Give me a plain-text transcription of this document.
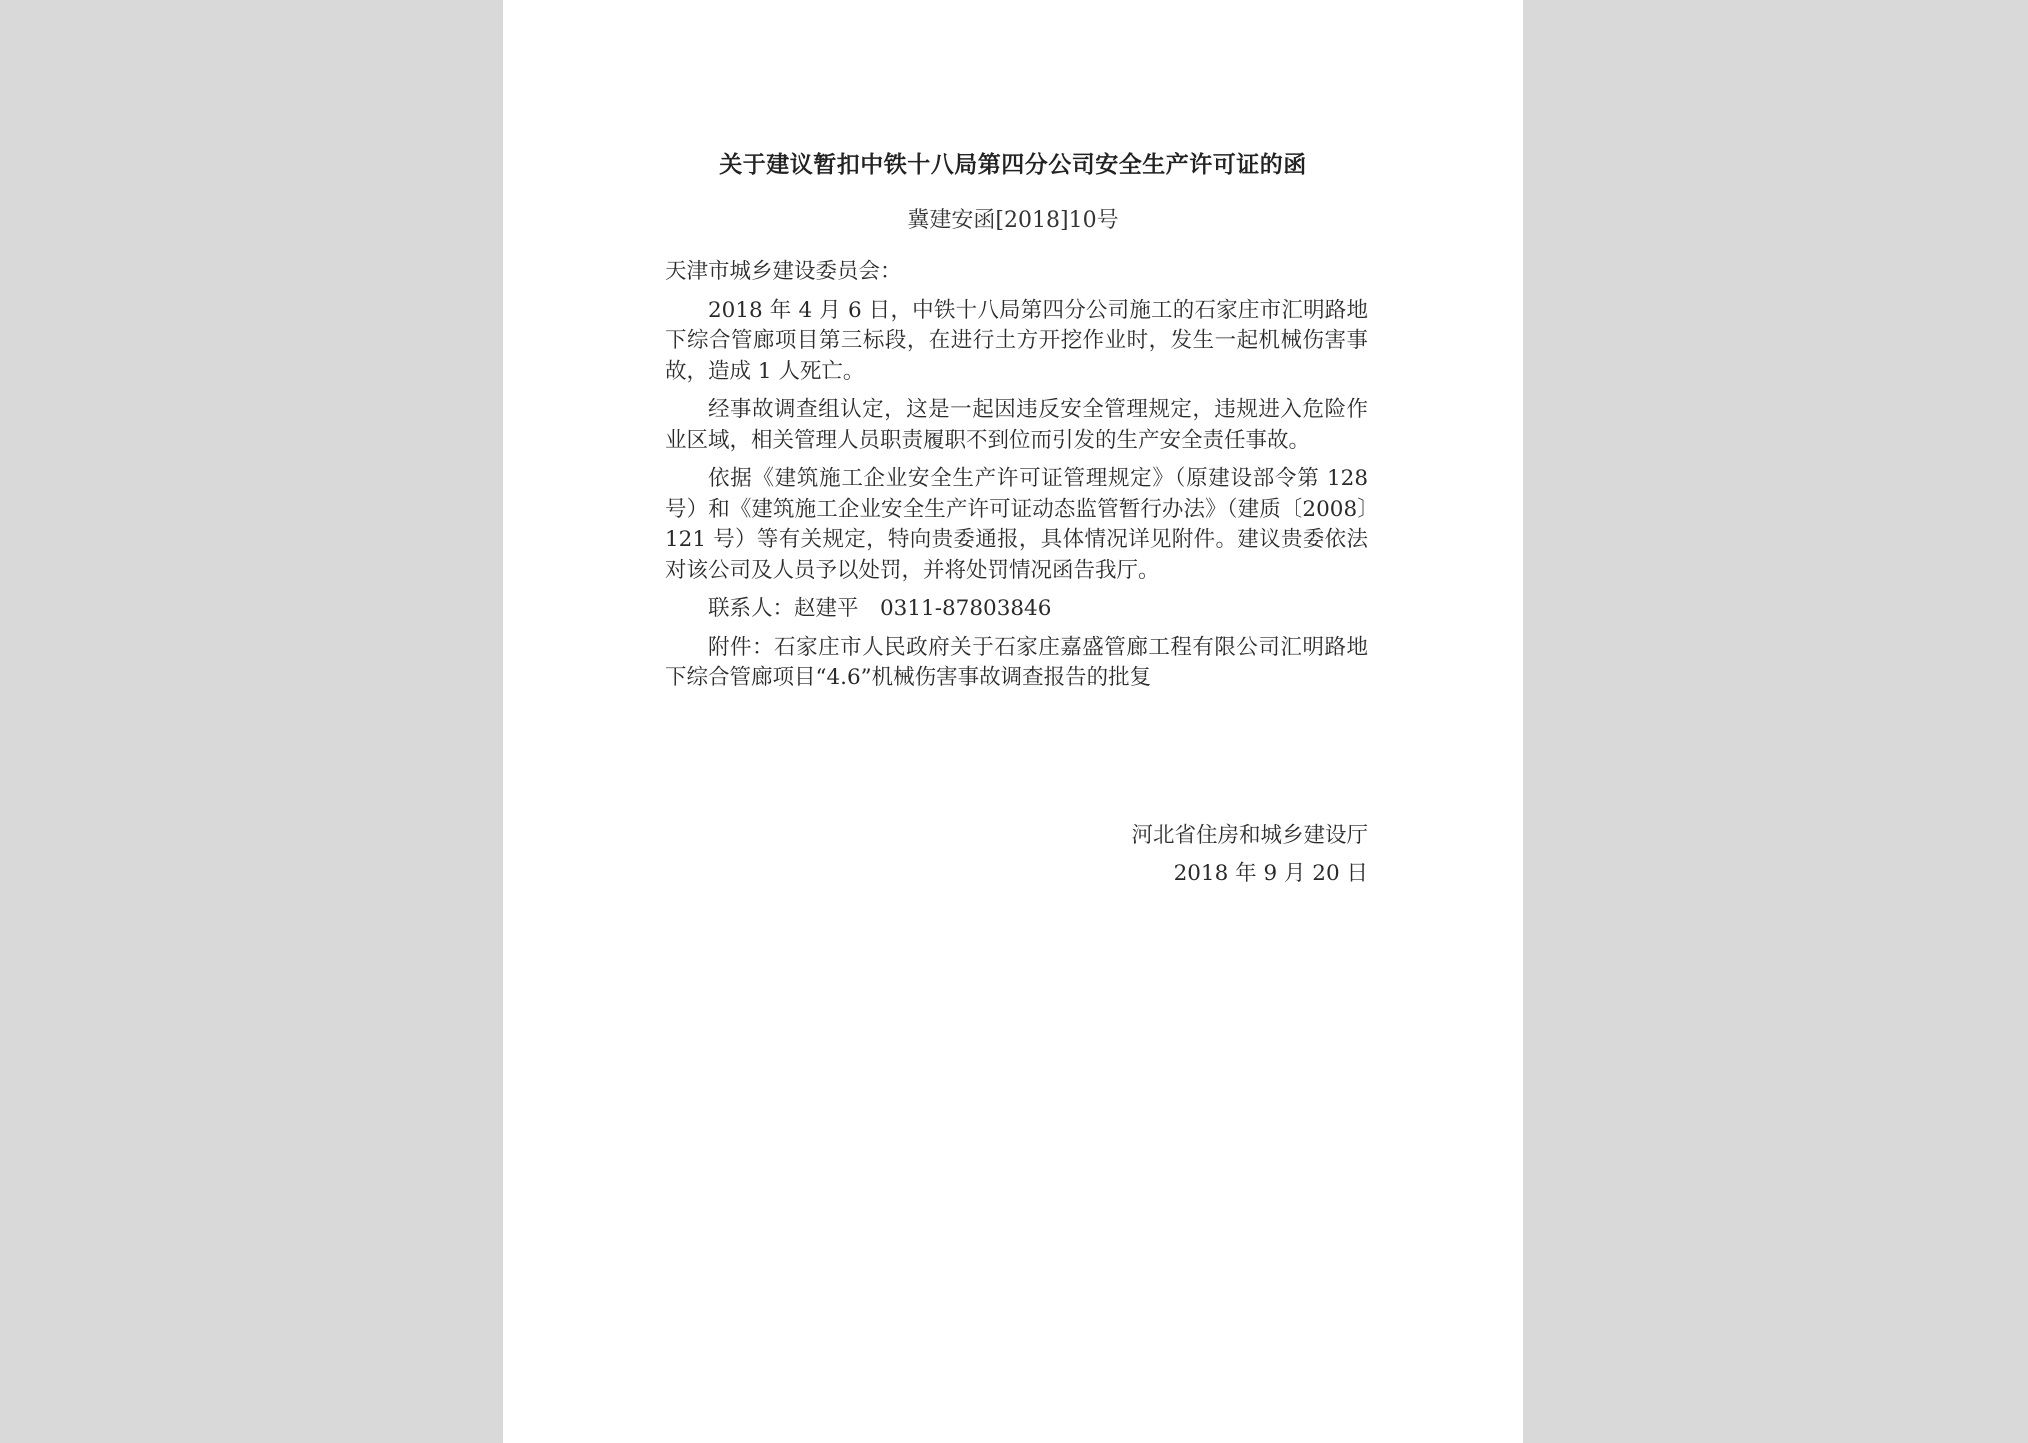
关于建议暂扣中铁十八局第四分公司安全生产许可证的函
冀建安函[2018]10号

天津市城乡建设委员会：

2018 年 4 月 6 日，中铁十八局第四分公司施工的石家庄市汇明路地下综合管廊项目第三标段，在进行土方开挖作业时，发生一起机械伤害事故，造成 1 人死亡。

经事故调查组认定，这是一起因违反安全管理规定，违规进入危险作业区域，相关管理人员职责履职不到位而引发的生产安全责任事故。

依据《建筑施工企业安全生产许可证管理规定》（原建设部令第 128 号）和《建筑施工企业安全生产许可证动态监管暂行办法》（建质〔2008〕121 号）等有关规定，特向贵委通报，具体情况详见附件。建议贵委依法对该公司及人员予以处罚，并将处罚情况函告我厅。

联系人：赵建平　0311-87803846

附件：石家庄市人民政府关于石家庄嘉盛管廊工程有限公司汇明路地下综合管廊项目“4.6”机械伤害事故调查报告的批复

河北省住房和城乡建设厅
2018 年 9 月 20 日
